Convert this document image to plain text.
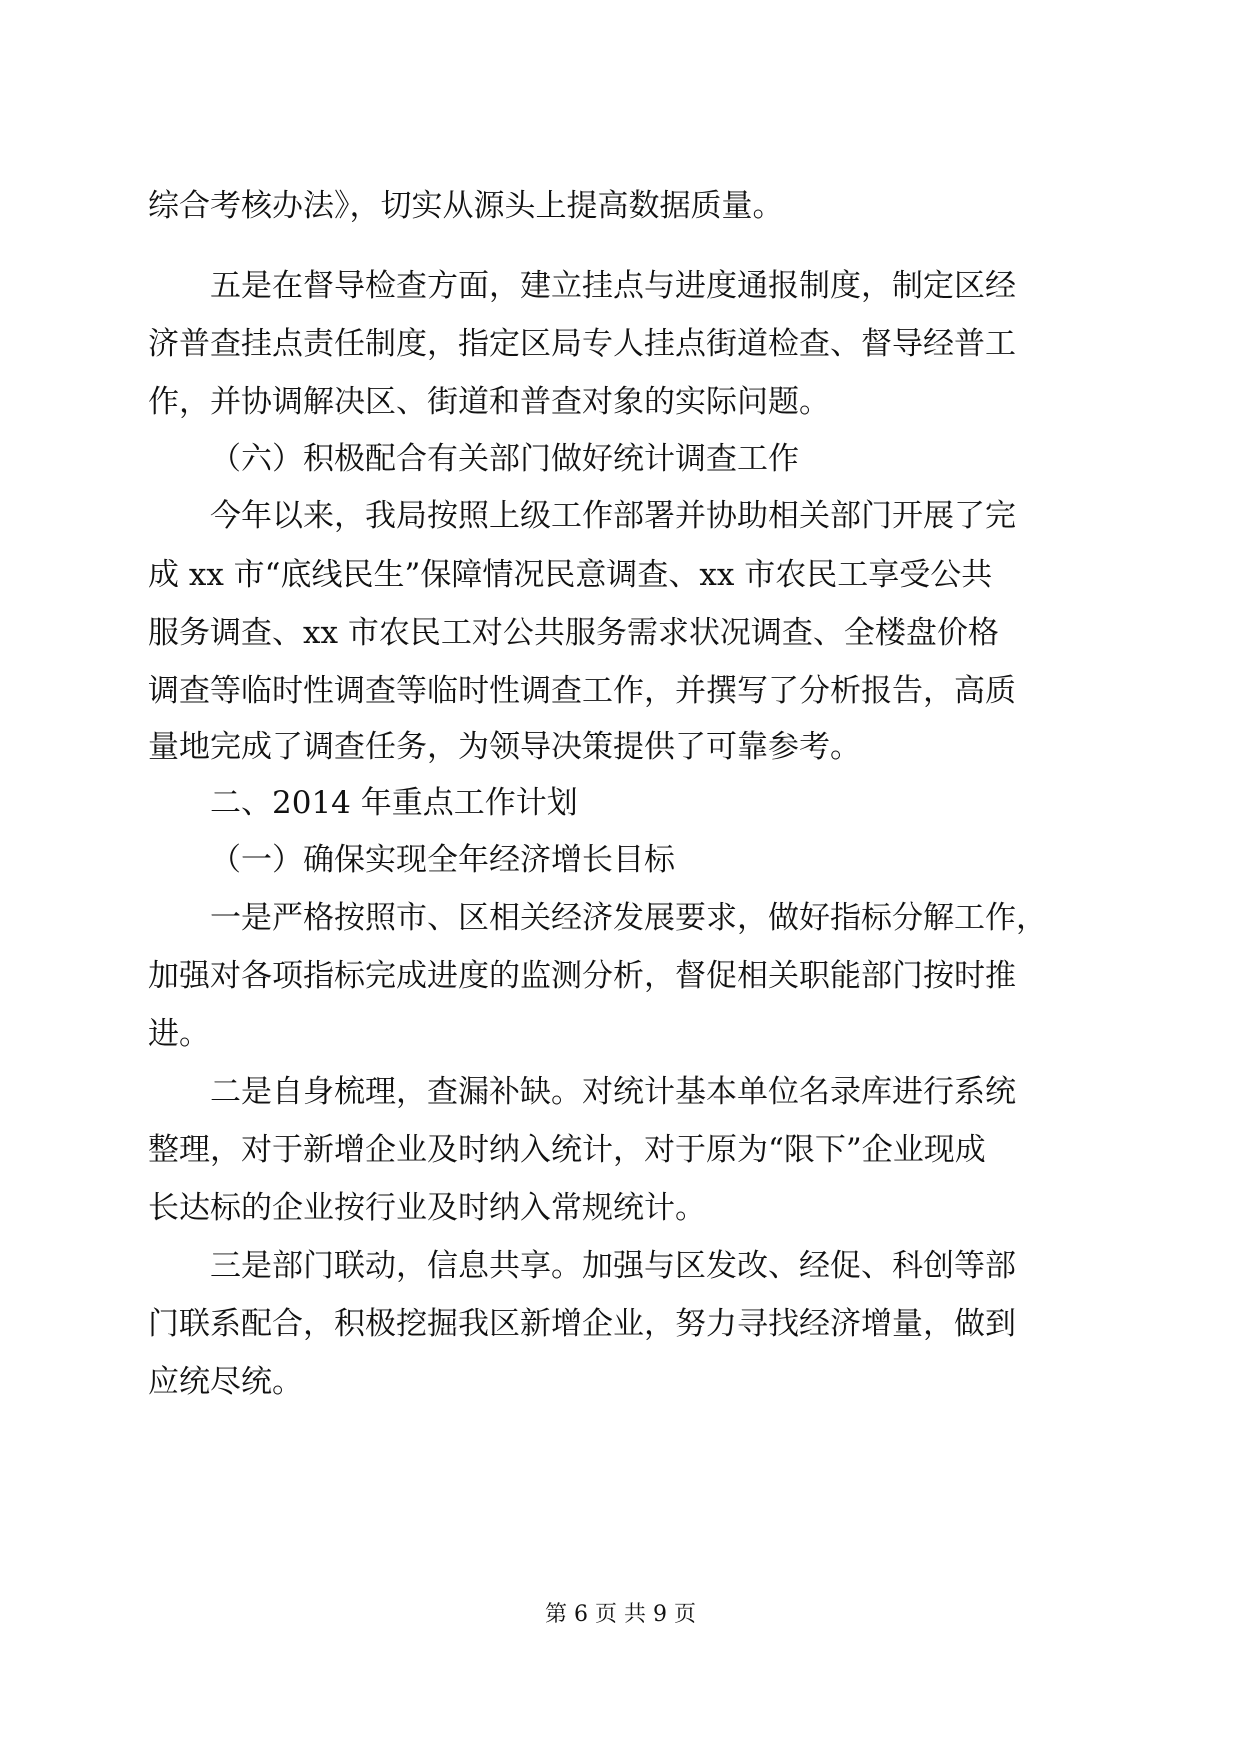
综合考核办法》，切实从源头上提高数据质量。
五是在督导检查方面，建立挂点与进度通报制度，制定区经
济普查挂点责任制度，指定区局专人挂点街道检查、督导经普工
作，并协调解决区、街道和普查对象的实际问题。
（六）积极配合有关部门做好统计调查工作
今年以来，我局按照上级工作部署并协助相关部门开展了完
成 xx 市“底线民生”保障情况民意调查、xx 市农民工享受公共
服务调查、xx 市农民工对公共服务需求状况调查、全楼盘价格
调查等临时性调查等临时性调查工作，并撰写了分析报告，高质
量地完成了调查任务，为领导决策提供了可靠参考。
二、2014 年重点工作计划
（一）确保实现全年经济增长目标
一是严格按照市、区相关经济发展要求，做好指标分解工作，
加强对各项指标完成进度的监测分析，督促相关职能部门按时推
进。
二是自身梳理，查漏补缺。对统计基本单位名录库进行系统
整理，对于新增企业及时纳入统计，对于原为“限下”企业现成
长达标的企业按行业及时纳入常规统计。
三是部门联动，信息共享。加强与区发改、经促、科创等部
门联系配合，积极挖掘我区新增企业，努力寻找经济增量，做到
应统尽统。
第 6 页 共 9 页
